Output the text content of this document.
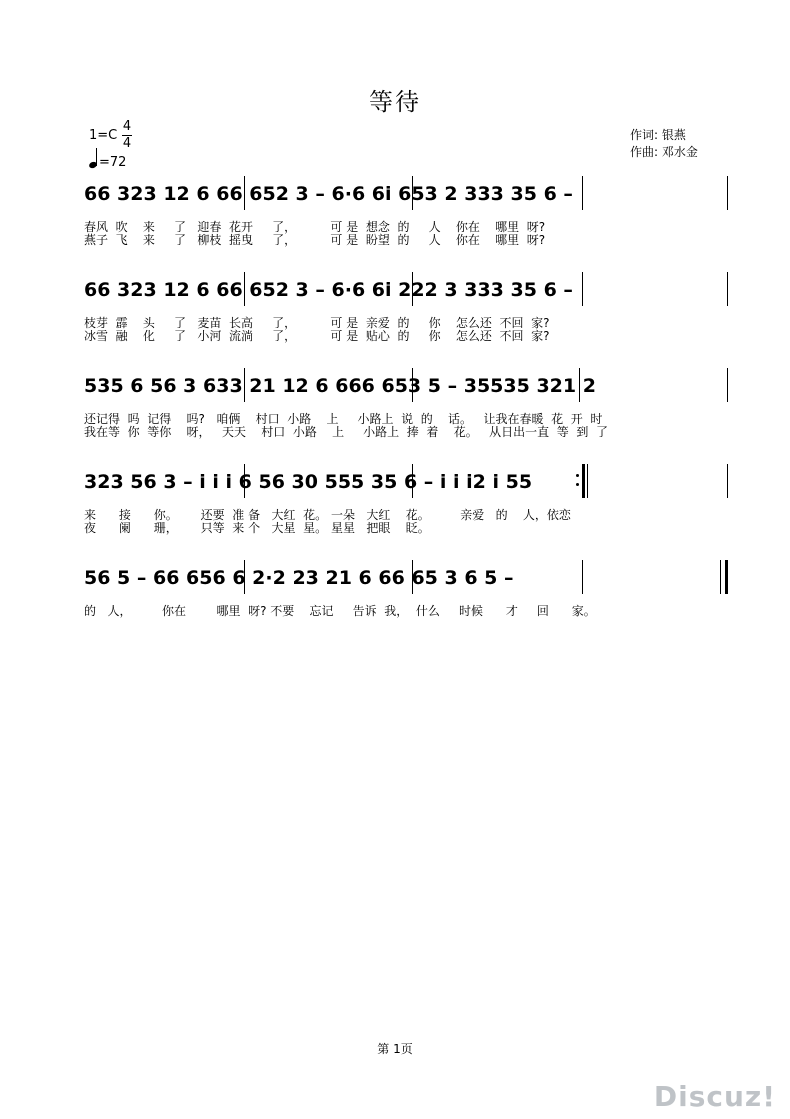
等待
1=C
4
4
=72
作词: 银燕
作曲: 邓水金
66 323 12 6 66 652 3 – 6·6 6i 653 2 333 35 6 –
春风  吹    来     了   迎春  花开     了，         可 是  想念  的     人    你在    哪里  呀?
燕子  飞    来     了   柳枝  摇曳     了，         可 是  盼望  的     人    你在    哪里  呀?
66 323 12 6 66 652 3 – 6·6 6i 222 3 333 35 6 –
枝芽  霹    头     了   麦苗  长高     了，         可 是  亲爱  的     你    怎么还  不回  家?
冰雪  融    化     了   小河  流淌     了，         可 是  贴心  的     你    怎么还  不回  家?
535 6 56 3 633 21 12 6 666 653 5 – 35535 321 2
还记得  吗  记得    吗?   咱俩    村口  小路    上     小路上  说  的    话。   让我在春暖  花  开  时
我在等  你  等你    呀，   天天    村口  小路    上     小路上  捧  着    花。   从日出一直  等  到  了
323 56 3 – i i i 6 56 30 555 35 6 – i i i2 i 55
来      接      你。      还要  准 备   大红  花。 一朵   大红    花。        亲爱   的    人，依恋
夜      阑      珊，      只等  来 个   大星  星。 星星   把眼    眨。
56 5 – 66 656 6 2·2 23 21 6 66 65 3 6 5 –
的   人，        你在        哪里  呀? 不要    忘记     告诉  我，  什么     时候      才     回      家。
第 1页
Discuz!
